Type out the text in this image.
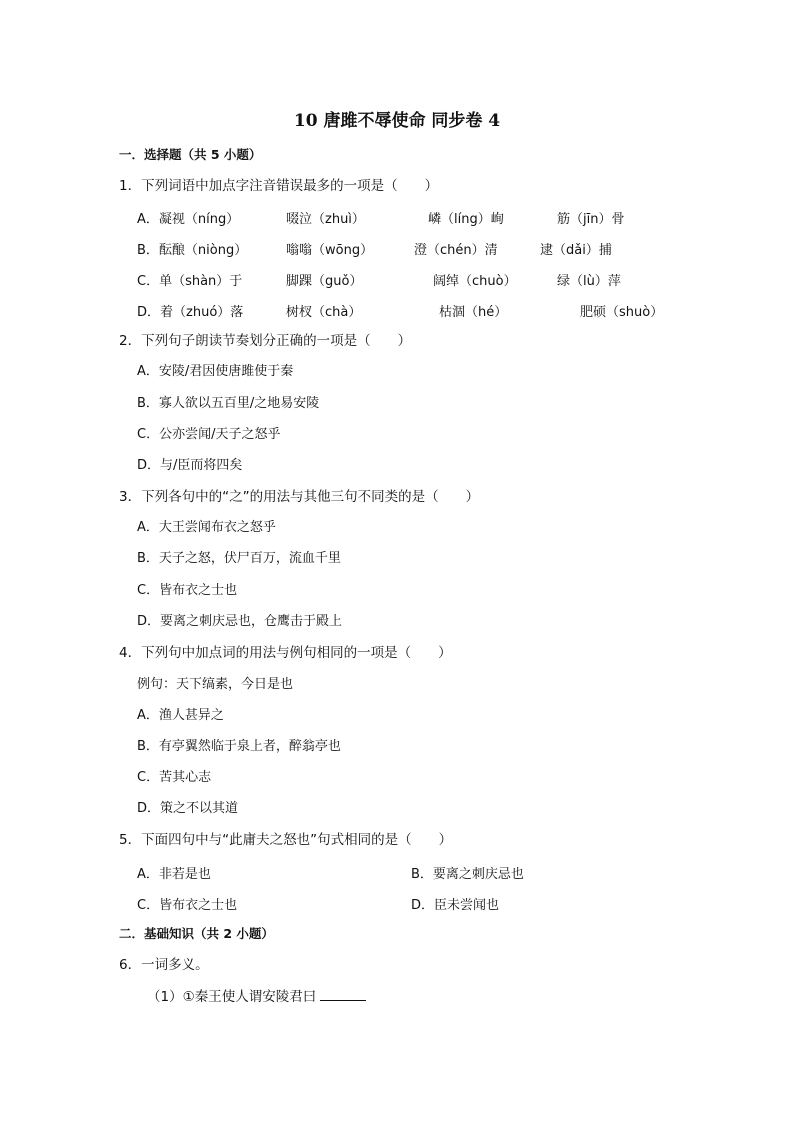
10 唐雎不辱使命 同步卷 4
一．选择题（共 5 小题）
1．下列词语中加点字注音错误最多的一项是（　　）
A．凝视（níng）	啜泣（zhuì）	嶙（líng）峋	筋（jīn）骨
B．酝酿（niòng）	嗡嗡（wōng）	澄（chén）清	逮（dǎi）捕
C．单（shàn）于	脚踝（guǒ）	阔绰（chuò）	绿（lù）萍
D．着（zhuó）落	树杈（chà）	枯涸（hé）	肥硕（shuò）
2．下列句子朗读节奏划分正确的一项是（　　）
A．安陵/君因使唐雎使于秦
B．寡人欲以五百里/之地易安陵
C．公亦尝闻/天子之怒乎
D．与/臣而将四矣
3．下列各句中的“之”的用法与其他三句不同类的是（　　）
A．大王尝闻布衣之怒乎
B．天子之怒，伏尸百万，流血千里
C．皆布衣之士也
D．要离之刺庆忌也，仓鹰击于殿上
4．下列句中加点词的用法与例句相同的一项是（　　）
例句：天下缟素，今日是也
A．渔人甚异之
B．有亭翼然临于泉上者，醉翁亭也
C．苦其心志
D．策之不以其道
5．下面四句中与“此庸夫之怒也”句式相同的是（　　）
A．非若是也	B．要离之刺庆忌也
C．皆布衣之士也	D．臣未尝闻也
二．基础知识（共 2 小题）
6．一词多义。
（1）①秦王使人谓安陵君曰
